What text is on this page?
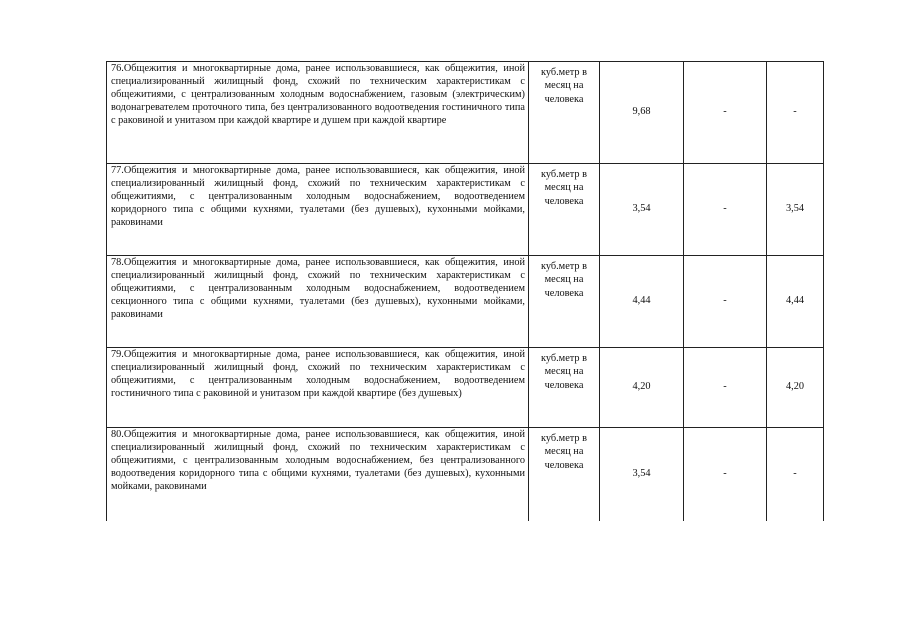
76.Общежития и многоквартирные дома, ранее использовавшиеся, как общежития, иной специализированный жилищный фонд, схожий по техническим характеристикам с общежитиями, с централизованным холодным водоснабжением, газовым (электрическим) водонагревателем проточного типа, без централизованного водоотведения гостиничного типа с раковиной и унитазом при каждой квартире и душем при каждой квартире	куб.метр в месяц на человека	9,68	-	-
77.Общежития и многоквартирные дома, ранее использовавшиеся, как общежития, иной специализированный жилищный фонд, схожий по техническим характеристикам с общежитиями, с централизованным холодным водоснабжением, водоотведением коридорного типа с общими кухнями, туалетами (без душевых), кухонными мойками, раковинами	куб.метр в месяц на человека	3,54	-	3,54
78.Общежития и многоквартирные дома, ранее использовавшиеся, как общежития, иной специализированный жилищный фонд, схожий по техническим характеристикам с общежитиями, с централизованным холодным водоснабжением, водоотведением секционного типа с общими кухнями, туалетами (без душевых), кухонными мойками, раковинами	куб.метр в месяц на человека	4,44	-	4,44
79.Общежития и многоквартирные дома, ранее использовавшиеся, как общежития, иной специализированный жилищный фонд, схожий по техническим характеристикам с общежитиями, с централизованным холодным водоснабжением, водоотведением гостиничного типа с раковиной и унитазом при каждой квартире (без душевых)	куб.метр в месяц на человека	4,20	-	4,20
80.Общежития и многоквартирные дома, ранее использовавшиеся, как общежития, иной специализированный жилищный фонд, схожий по техническим характеристикам с общежитиями, с централизованным холодным водоснабжением, без централизованного водоотведения коридорного типа с общими кухнями, туалетами (без душевых), кухонными мойками, раковинами	куб.метр в месяц на человека	3,54	-	-
